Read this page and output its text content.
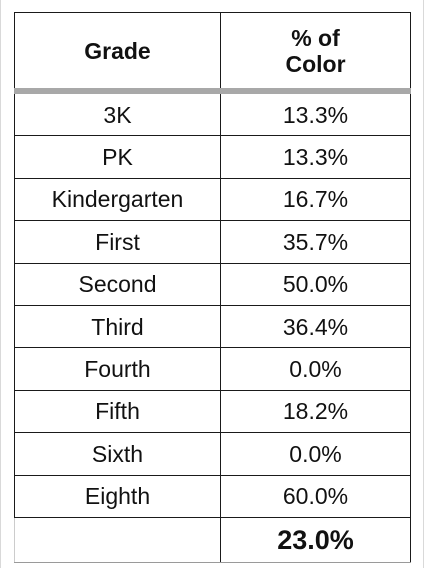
Grade	% of
Color
3K	13.3%
PK	13.3%
Kindergarten	16.7%
First	35.7%
Second	50.0%
Third	36.4%
Fourth	0.0%
Fifth	18.2%
Sixth	0.0%
Eighth	60.0%
	23.0%
